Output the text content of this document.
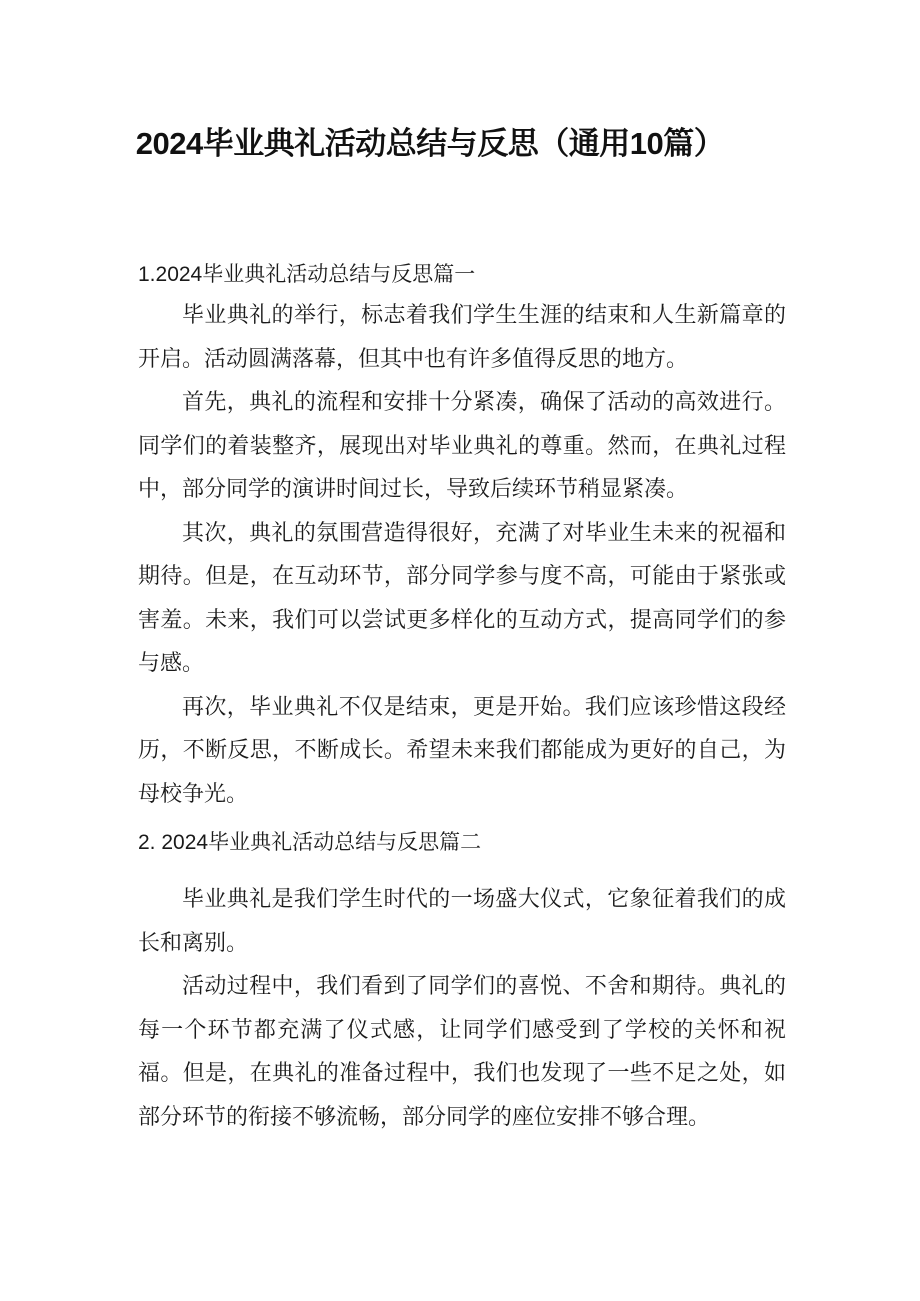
2024毕业典礼活动总结与反思（通用10篇）

1.2024毕业典礼活动总结与反思篇一

毕业典礼的举行，标志着我们学生生涯的结束和人生新篇章的开启。活动圆满落幕，但其中也有许多值得反思的地方。

首先，典礼的流程和安排十分紧凑，确保了活动的高效进行。同学们的着装整齐，展现出对毕业典礼的尊重。然而，在典礼过程中，部分同学的演讲时间过长，导致后续环节稍显紧凑。

其次，典礼的氛围营造得很好，充满了对毕业生未来的祝福和期待。但是，在互动环节，部分同学参与度不高，可能由于紧张或害羞。未来，我们可以尝试更多样化的互动方式，提高同学们的参与感。

再次，毕业典礼不仅是结束，更是开始。我们应该珍惜这段经历，不断反思，不断成长。希望未来我们都能成为更好的自己，为母校争光。

2. 2024毕业典礼活动总结与反思篇二

毕业典礼是我们学生时代的一场盛大仪式，它象征着我们的成长和离别。

活动过程中，我们看到了同学们的喜悦、不舍和期待。典礼的每一个环节都充满了仪式感，让同学们感受到了学校的关怀和祝福。但是，在典礼的准备过程中，我们也发现了一些不足之处，如部分环节的衔接不够流畅，部分同学的座位安排不够合理。
